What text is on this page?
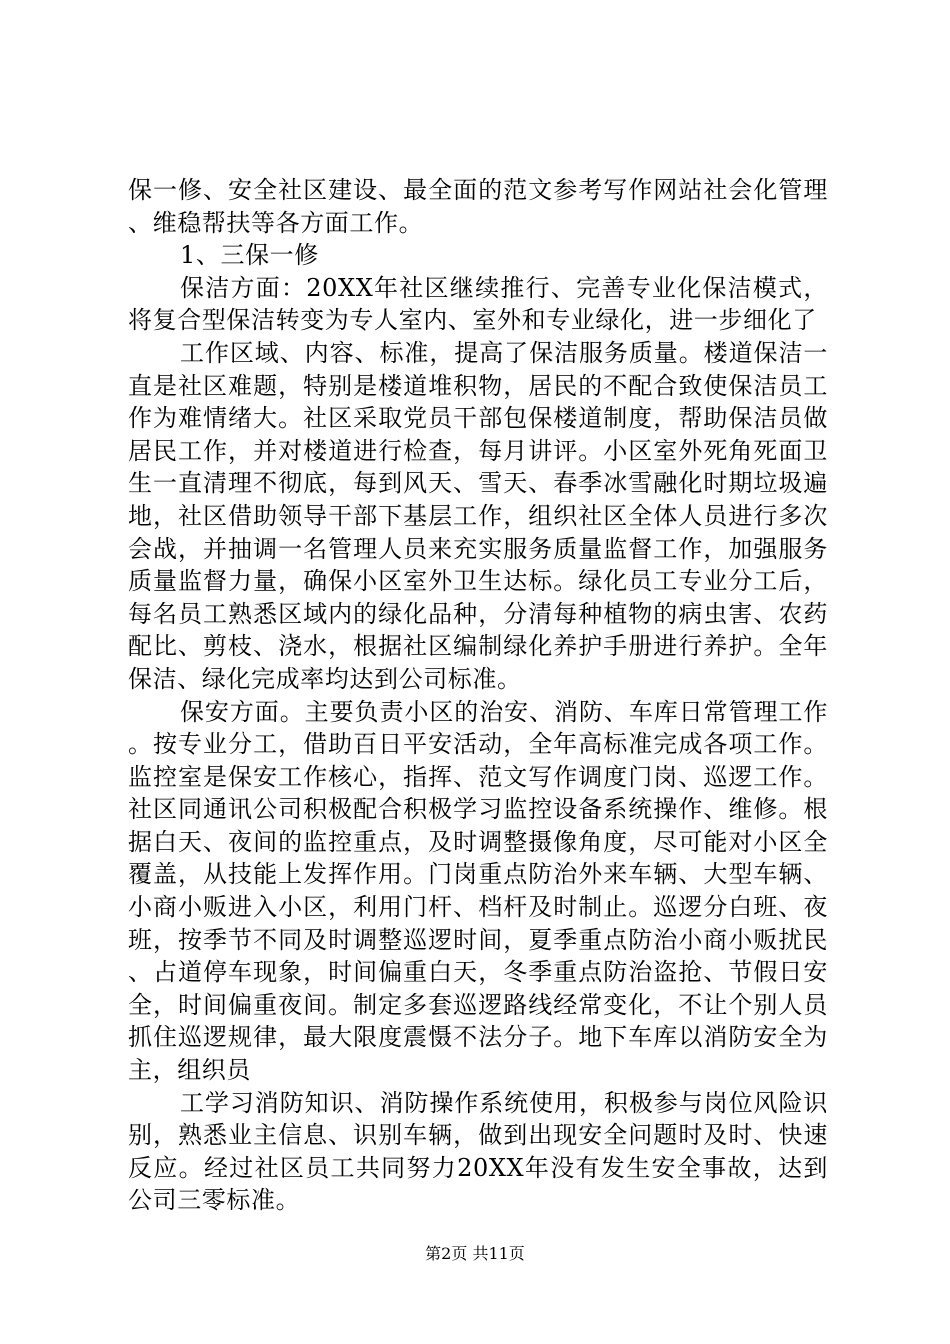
保一修、安全社区建设、最全面的范文参考写作网站社会化管理、维稳帮扶等各方面工作。

1、三保一修

保洁方面：20XX年社区继续推行、完善专业化保洁模式，将复合型保洁转变为专人室内、室外和专业绿化，进一步细化了

工作区域、内容、标准，提高了保洁服务质量。楼道保洁一直是社区难题，特别是楼道堆积物，居民的不配合致使保洁员工作为难情绪大。社区采取党员干部包保楼道制度，帮助保洁员做居民工作，并对楼道进行检查，每月讲评。小区室外死角死面卫生一直清理不彻底，每到风天、雪天、春季冰雪融化时期垃圾遍地，社区借助领导干部下基层工作，组织社区全体人员进行多次会战，并抽调一名管理人员来充实服务质量监督工作，加强服务质量监督力量，确保小区室外卫生达标。绿化员工专业分工后，每名员工熟悉区域内的绿化品种，分清每种植物的病虫害、农药配比、剪枝、浇水，根据社区编制绿化养护手册进行养护。全年保洁、绿化完成率均达到公司标准。

保安方面。主要负责小区的治安、消防、车库日常管理工作。按专业分工，借助百日平安活动，全年高标准完成各项工作。监控室是保安工作核心，指挥、范文写作调度门岗、巡逻工作。社区同通讯公司积极配合积极学习监控设备系统操作、维修。根据白天、夜间的监控重点，及时调整摄像角度，尽可能对小区全覆盖，从技能上发挥作用。门岗重点防治外来车辆、大型车辆、小商小贩进入小区，利用门杆、档杆及时制止。巡逻分白班、夜班，按季节不同及时调整巡逻时间，夏季重点防治小商小贩扰民、占道停车现象，时间偏重白天，冬季重点防治盗抢、节假日安全，时间偏重夜间。制定多套巡逻路线经常变化，不让个别人员抓住巡逻规律，最大限度震慑不法分子。地下车库以消防安全为主，组织员

工学习消防知识、消防操作系统使用，积极参与岗位风险识别，熟悉业主信息、识别车辆，做到出现安全问题时及时、快速反应。经过社区员工共同努力20XX年没有发生安全事故，达到公司三零标准。

第2页 共11页
